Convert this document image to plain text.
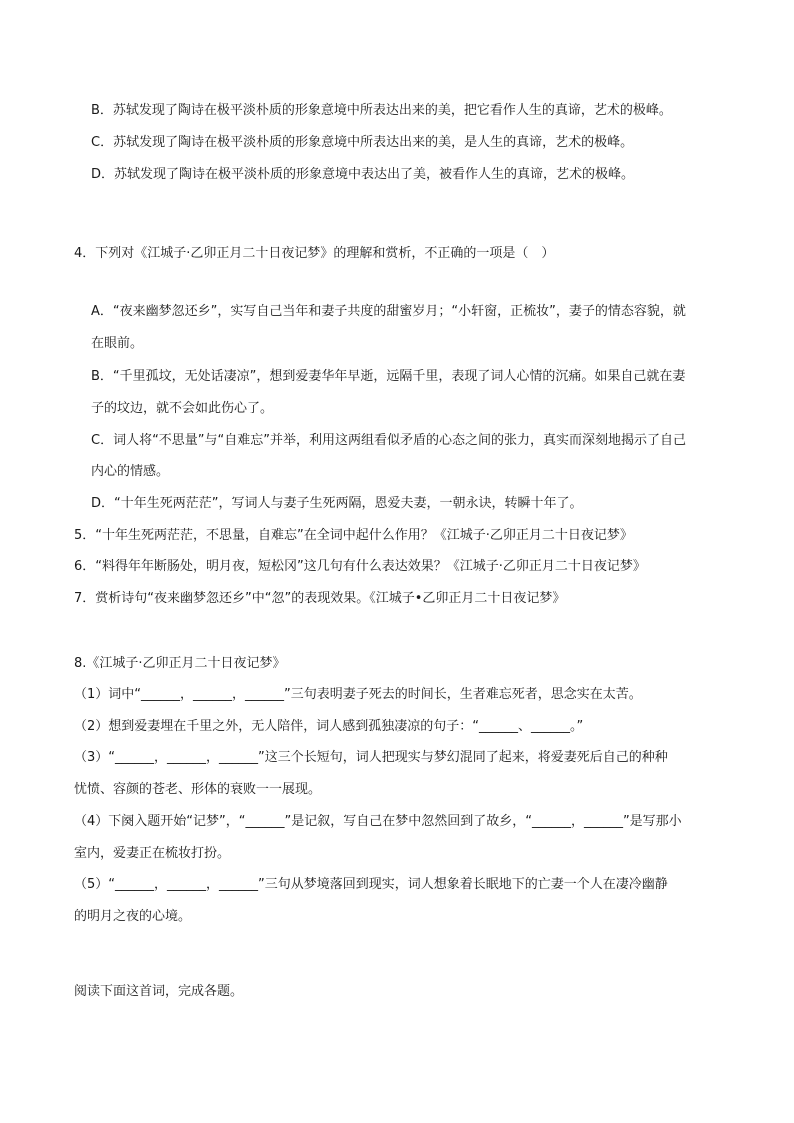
B．苏轼发现了陶诗在极平淡朴质的形象意境中所表达出来的美，把它看作人生的真谛，艺术的极峰。
C．苏轼发现了陶诗在极平淡朴质的形象意境中所表达出来的美，是人生的真谛，艺术的极峰。
D．苏轼发现了陶诗在极平淡朴质的形象意境中表达出了美，被看作人生的真谛，艺术的极峰。
4．下列对《江城子·乙卯正月二十日夜记梦》的理解和赏析，不正确的一项是（　）
A．“夜来幽梦忽还乡”，实写自己当年和妻子共度的甜蜜岁月；“小轩窗，正梳妆”，妻子的情态容貌，就
在眼前。
B．“千里孤坟，无处话凄凉”，想到爱妻华年早逝，远隔千里，表现了词人心情的沉痛。如果自己就在妻
子的坟边，就不会如此伤心了。
C．词人将“不思量”与“自难忘”并举，利用这两组看似矛盾的心态之间的张力，真实而深刻地揭示了自己
内心的情感。
D．“十年生死两茫茫”，写词人与妻子生死两隔，恩爱夫妻，一朝永诀，转瞬十年了。
5．“十年生死两茫茫，不思量，自难忘”在全词中起什么作用？《江城子·乙卯正月二十日夜记梦》
6．“料得年年断肠处，明月夜，短松冈”这几句有什么表达效果？《江城子·乙卯正月二十日夜记梦》
7．赏析诗句“夜来幽梦忽还乡”中“忽”的表现效果。《江城子•乙卯正月二十日夜记梦》
8.《江城子·乙卯正月二十日夜记梦》
（1）词中“______，______，______”三句表明妻子死去的时间长，生者难忘死者，思念实在太苦。
（2）想到爱妻埋在千里之外，无人陪伴，词人感到孤独凄凉的句子：“______、______。”
（3）“______，______，______”这三个长短句，词人把现实与梦幻混同了起来，将爱妻死后自己的种种
忧愤、容颜的苍老、形体的衰败一一展现。
（4）下阕入题开始“记梦”，“______”是记叙，写自己在梦中忽然回到了故乡，“______，______”是写那小
室内，爱妻正在梳妆打扮。
（5）“______，______，______”三句从梦境落回到现实，词人想象着长眠地下的亡妻一个人在凄冷幽静
的明月之夜的心境。
阅读下面这首词，完成各题。
